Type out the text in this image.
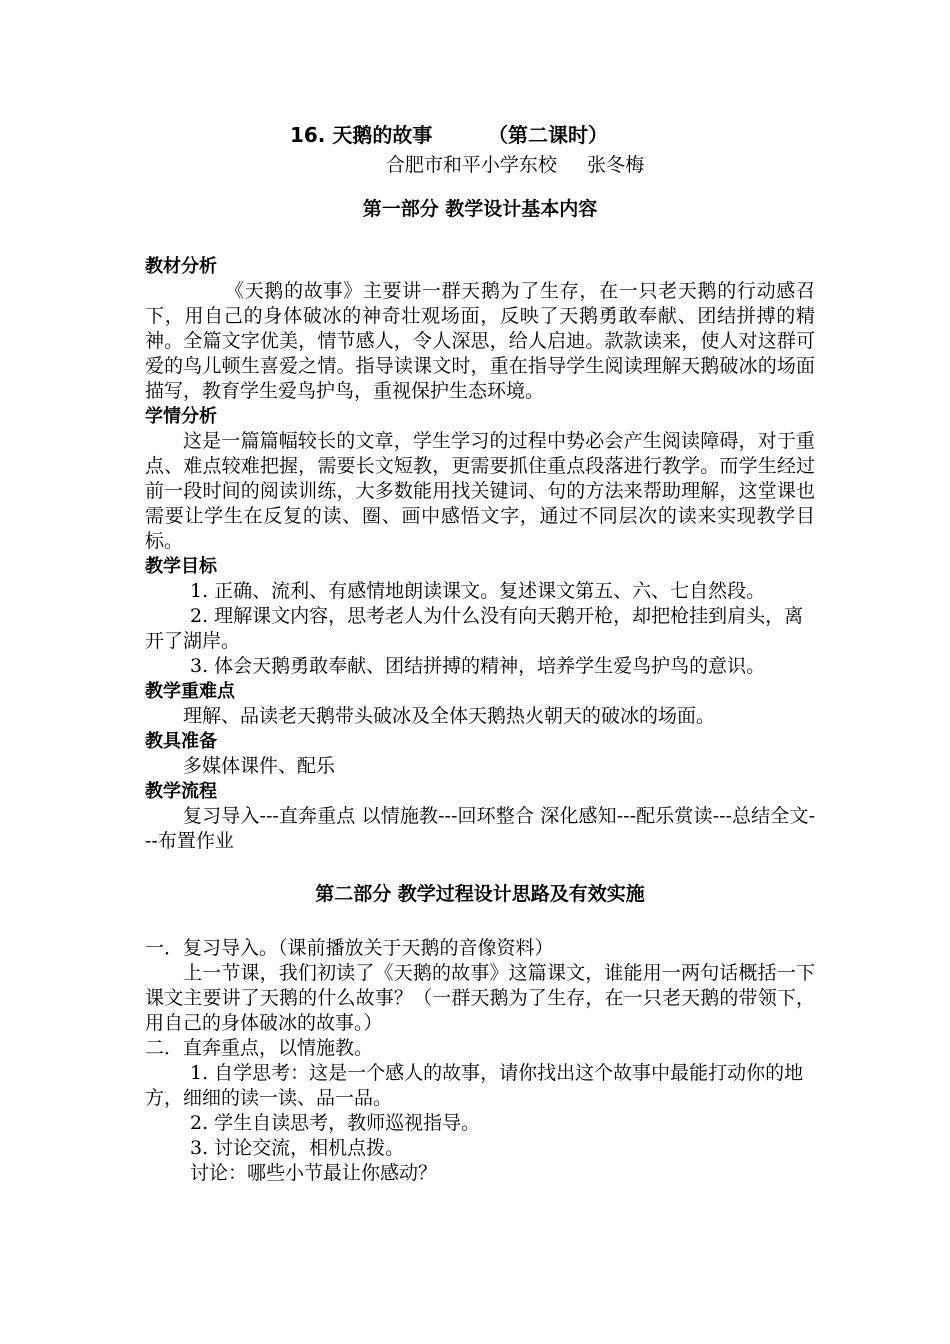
16. 天鹅的故事        （第二课时）
合肥市和平小学东校     张冬梅
第一部分 教学设计基本内容
教材分析
《天鹅的故事》主要讲一群天鹅为了生存，在一只老天鹅的行动感召下，用自己的身体破冰的神奇壮观场面，反映了天鹅勇敢奉献、团结拼搏的精神。全篇文字优美，情节感人，令人深思，给人启迪。款款读来，使人对这群可爱的鸟儿顿生喜爱之情。指导读课文时，重在指导学生阅读理解天鹅破冰的场面描写，教育学生爱鸟护鸟，重视保护生态环境。
学情分析
这是一篇篇幅较长的文章，学生学习的过程中势必会产生阅读障碍，对于重点、难点较难把握，需要长文短教，更需要抓住重点段落进行教学。而学生经过前一段时间的阅读训练，大多数能用找关键词、句的方法来帮助理解，这堂课也需要让学生在反复的读、圈、画中感悟文字，通过不同层次的读来实现教学目标。
教学目标
1. 正确、流利、有感情地朗读课文。复述课文第五、六、七自然段。
2. 理解课文内容，思考老人为什么没有向天鹅开枪，却把枪挂到肩头，离开了湖岸。
3. 体会天鹅勇敢奉献、团结拼搏的精神，培养学生爱鸟护鸟的意识。
教学重难点
理解、品读老天鹅带头破冰及全体天鹅热火朝天的破冰的场面。
教具准备
多媒体课件、配乐
教学流程
复习导入---直奔重点 以情施教---回环整合 深化感知---配乐赏读---总结全文---布置作业
第二部分 教学过程设计思路及有效实施
一．复习导入。（课前播放关于天鹅的音像资料）
上一节课，我们初读了《天鹅的故事》这篇课文，谁能用一两句话概括一下课文主要讲了天鹅的什么故事？（一群天鹅为了生存，在一只老天鹅的带领下，用自己的身体破冰的故事。）
二．直奔重点，以情施教。
1. 自学思考：这是一个感人的故事，请你找出这个故事中最能打动你的地方，细细的读一读、品一品。
2. 学生自读思考，教师巡视指导。
3. 讨论交流，相机点拨。
讨论：哪些小节最让你感动？
